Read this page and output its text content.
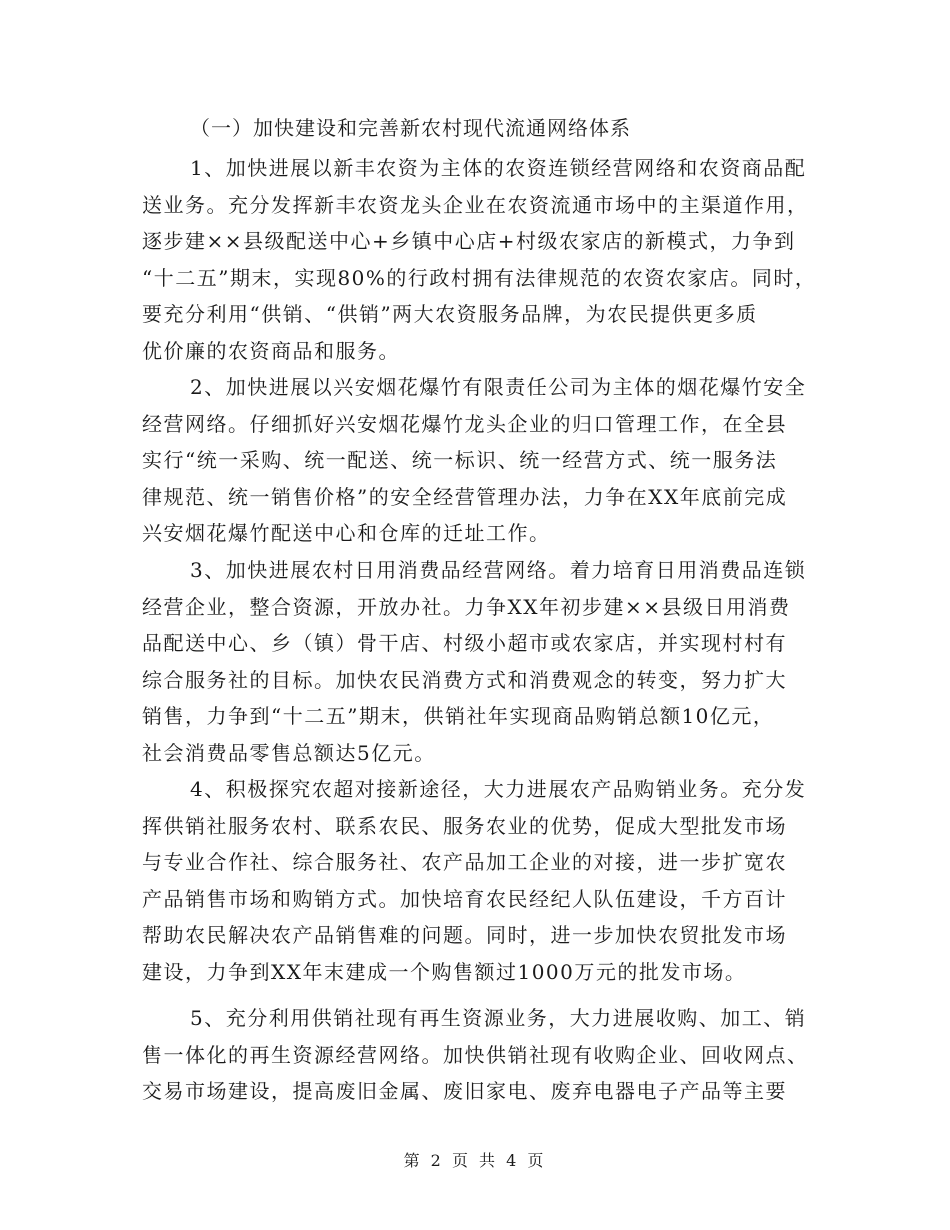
（一）加快建设和完善新农村现代流通网络体系
1、加快进展以新丰农资为主体的农资连锁经营网络和农资商品配
送业务。充分发挥新丰农资龙头企业在农资流通市场中的主渠道作用，
逐步建××县级配送中心+乡镇中心店+村级农家店的新模式，力争到
“十二五”期末，实现80%的行政村拥有法律规范的农资农家店。同时，
要充分利用“供销、“供销”两大农资服务品牌，为农民提供更多质
优价廉的农资商品和服务。
2、加快进展以兴安烟花爆竹有限责任公司为主体的烟花爆竹安全
经营网络。仔细抓好兴安烟花爆竹龙头企业的归口管理工作，在全县
实行“统一采购、统一配送、统一标识、统一经营方式、统一服务法
律规范、统一销售价格”的安全经营管理办法，力争在XX年底前完成
兴安烟花爆竹配送中心和仓库的迁址工作。
3、加快进展农村日用消费品经营网络。着力培育日用消费品连锁
经营企业，整合资源，开放办社。力争XX年初步建××县级日用消费
品配送中心、乡（镇）骨干店、村级小超市或农家店，并实现村村有
综合服务社的目标。加快农民消费方式和消费观念的转变，努力扩大
销售，力争到“十二五”期末，供销社年实现商品购销总额10亿元，
社会消费品零售总额达5亿元。
4、积极探究农超对接新途径，大力进展农产品购销业务。充分发
挥供销社服务农村、联系农民、服务农业的优势，促成大型批发市场
与专业合作社、综合服务社、农产品加工企业的对接，进一步扩宽农
产品销售市场和购销方式。加快培育农民经纪人队伍建设，千方百计
帮助农民解决农产品销售难的问题。同时，进一步加快农贸批发市场
建设，力争到XX年末建成一个购售额过1000万元的批发市场。
5、充分利用供销社现有再生资源业务，大力进展收购、加工、销
售一体化的再生资源经营网络。加快供销社现有收购企业、回收网点、
交易市场建设，提高废旧金属、废旧家电、废弃电器电子产品等主要
第 2 页 共 4 页
